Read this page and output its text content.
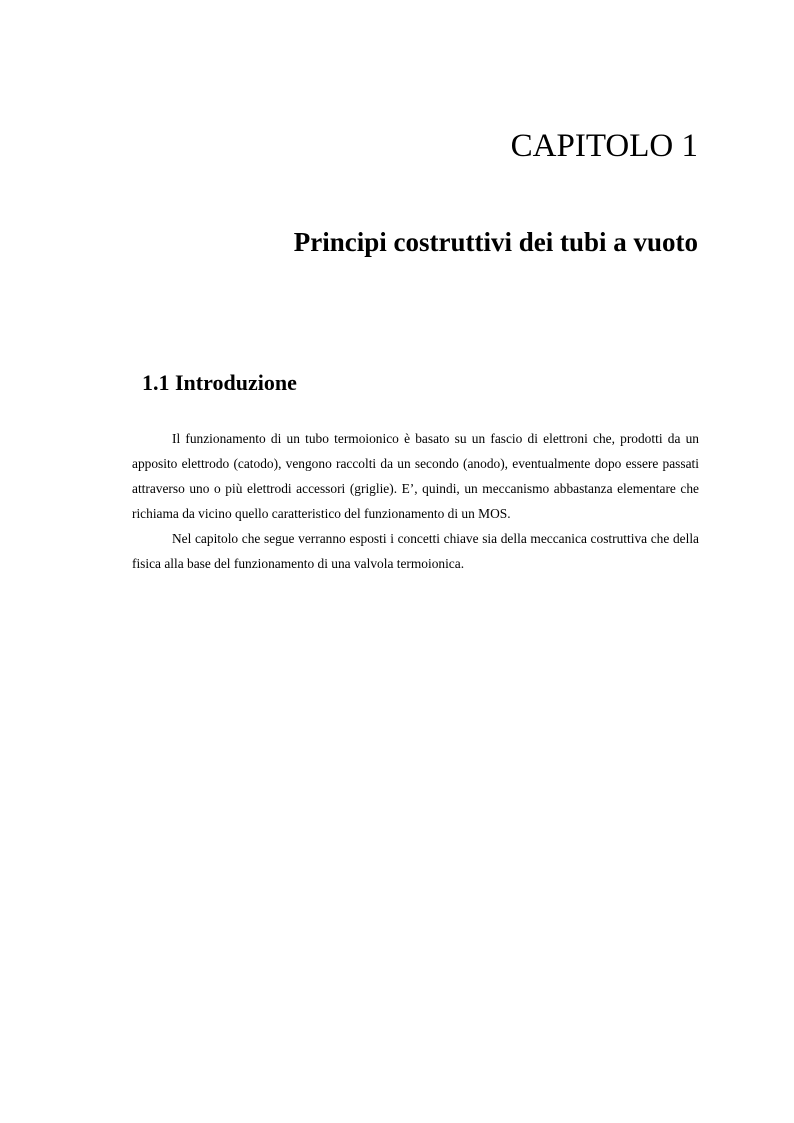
CAPITOLO 1
Principi costruttivi dei tubi a vuoto
1.1 Introduzione

Il funzionamento di un tubo termoionico è basato su un fascio di elettroni che, prodotti da un apposito elettrodo (catodo), vengono raccolti da un secondo (anodo), eventualmente dopo essere passati attraverso uno o più elettrodi accessori (griglie). E’, quindi, un meccanismo abbastanza elementare che richiama da vicino quello caratteristico del funzionamento di un MOS.

Nel capitolo che segue verranno esposti i concetti chiave sia della meccanica costruttiva che della fisica alla base del funzionamento di una valvola termoionica.
